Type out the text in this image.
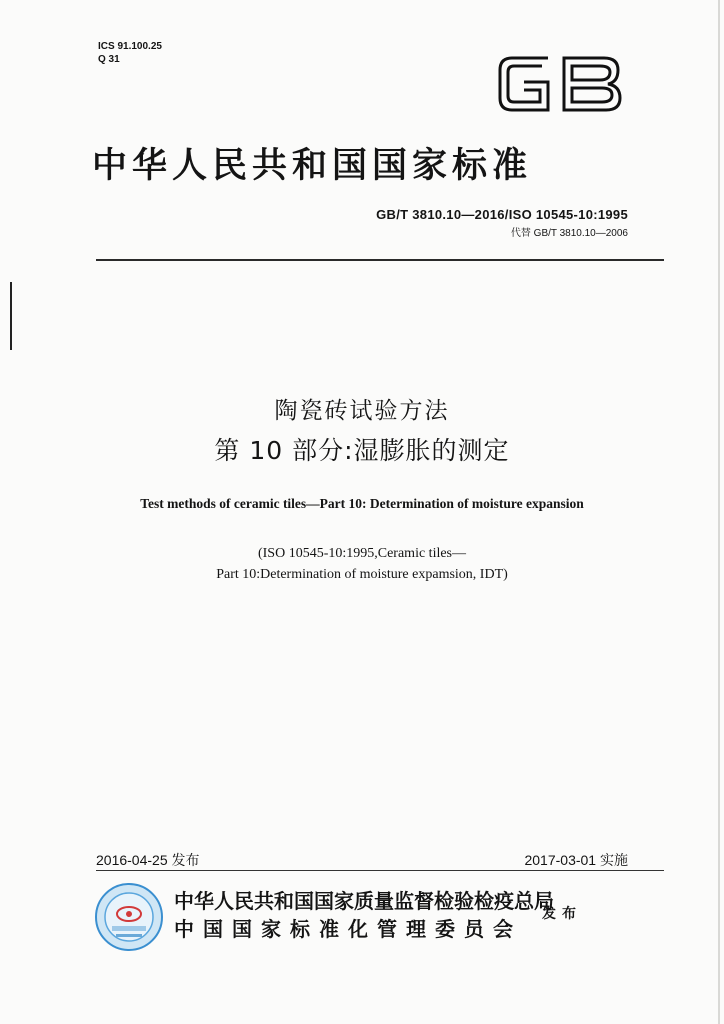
ICS 91.100.25
Q 31
GB
中华人民共和国国家标准
GB/T 3810.10—2016/ISO 10545-10:1995
代替 GB/T 3810.10—2006
陶瓷砖试验方法
第 10 部分:湿膨胀的测定
Test methods of ceramic tiles—Part 10: Determination of moisture expansion
(ISO 10545-10:1995,Ceramic tiles—
Part 10:Determination of moisture expamsion, IDT)
2016-04-25 发布	2017-03-01 实施
中华人民共和国国家质量监督检验检疫总局
中国国家标准化管理委员会
发布
